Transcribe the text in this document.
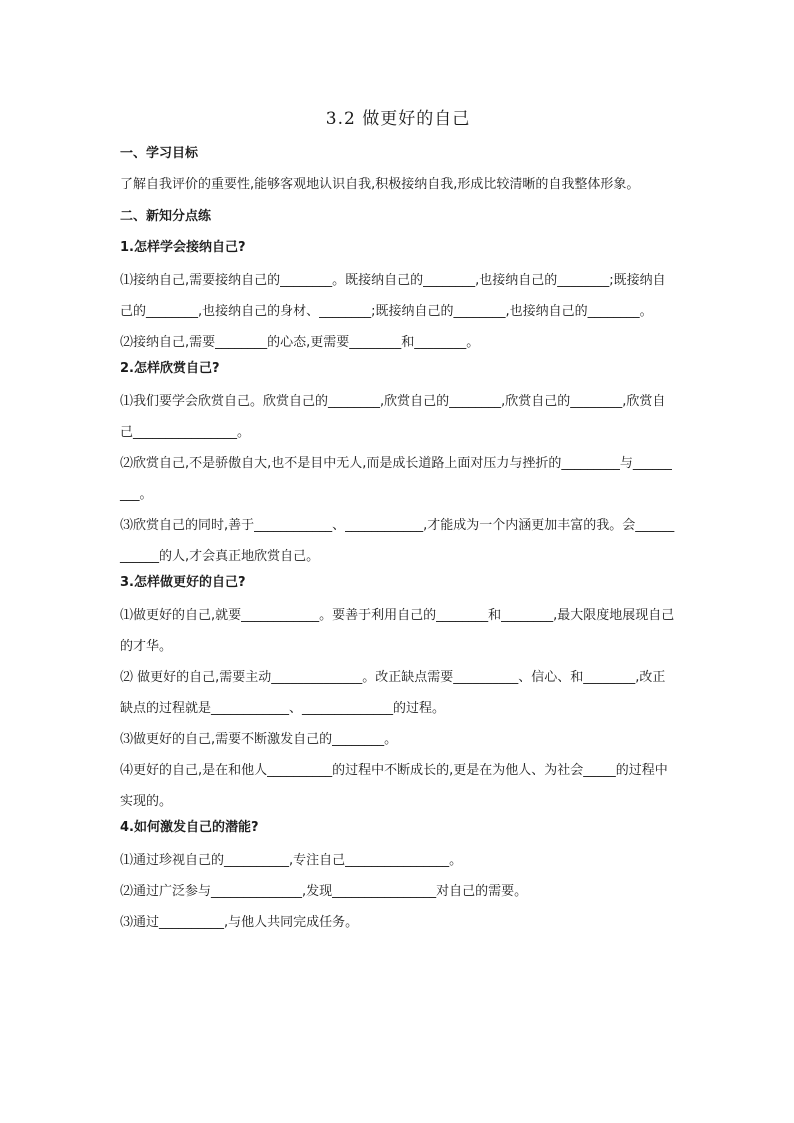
3.2 做更好的自己
一、学习目标
了解自我评价的重要性,能够客观地认识自我,积极接纳自我,形成比较清晰的自我整体形象。
二、新知分点练
1.怎样学会接纳自己?

⑴接纳自己,需要接纳自己的________。既接纳自己的________,也接纳自己的________;既接纳自己的________,也接纳自己的身材、________;既接纳自己的________,也接纳自己的________。

⑵接纳自己,需要________的心态,更需要________和________。

2.怎样欣赏自己?

⑴我们要学会欣赏自己。欣赏自己的________,欣赏自己的________,欣赏自己的________,欣赏自己________________。

⑵欣赏自己,不是骄傲自大,也不是目中无人,而是成长道路上面对压力与挫折的_________与_________。

⑶欣赏自己的同时,善于____________、____________,才能成为一个内涵更加丰富的我。会____________的人,才会真正地欣赏自己。

3.怎样做更好的自己?

⑴做更好的自己,就要____________。要善于利用自己的________和________,最大限度地展现自己的才华。

⑵ 做更好的自己,需要主动______________。改正缺点需要__________、信心、和________,改正缺点的过程就是____________、______________的过程。

⑶做更好的自己,需要不断激发自己的________。

⑷更好的自己,是在和他人__________的过程中不断成长的,更是在为他人、为社会_____的过程中实现的。

4.如何激发自己的潜能?

⑴通过珍视自己的__________,专注自己________________。

⑵通过广泛参与______________,发现________________对自己的需要。

⑶通过__________,与他人共同完成任务。
